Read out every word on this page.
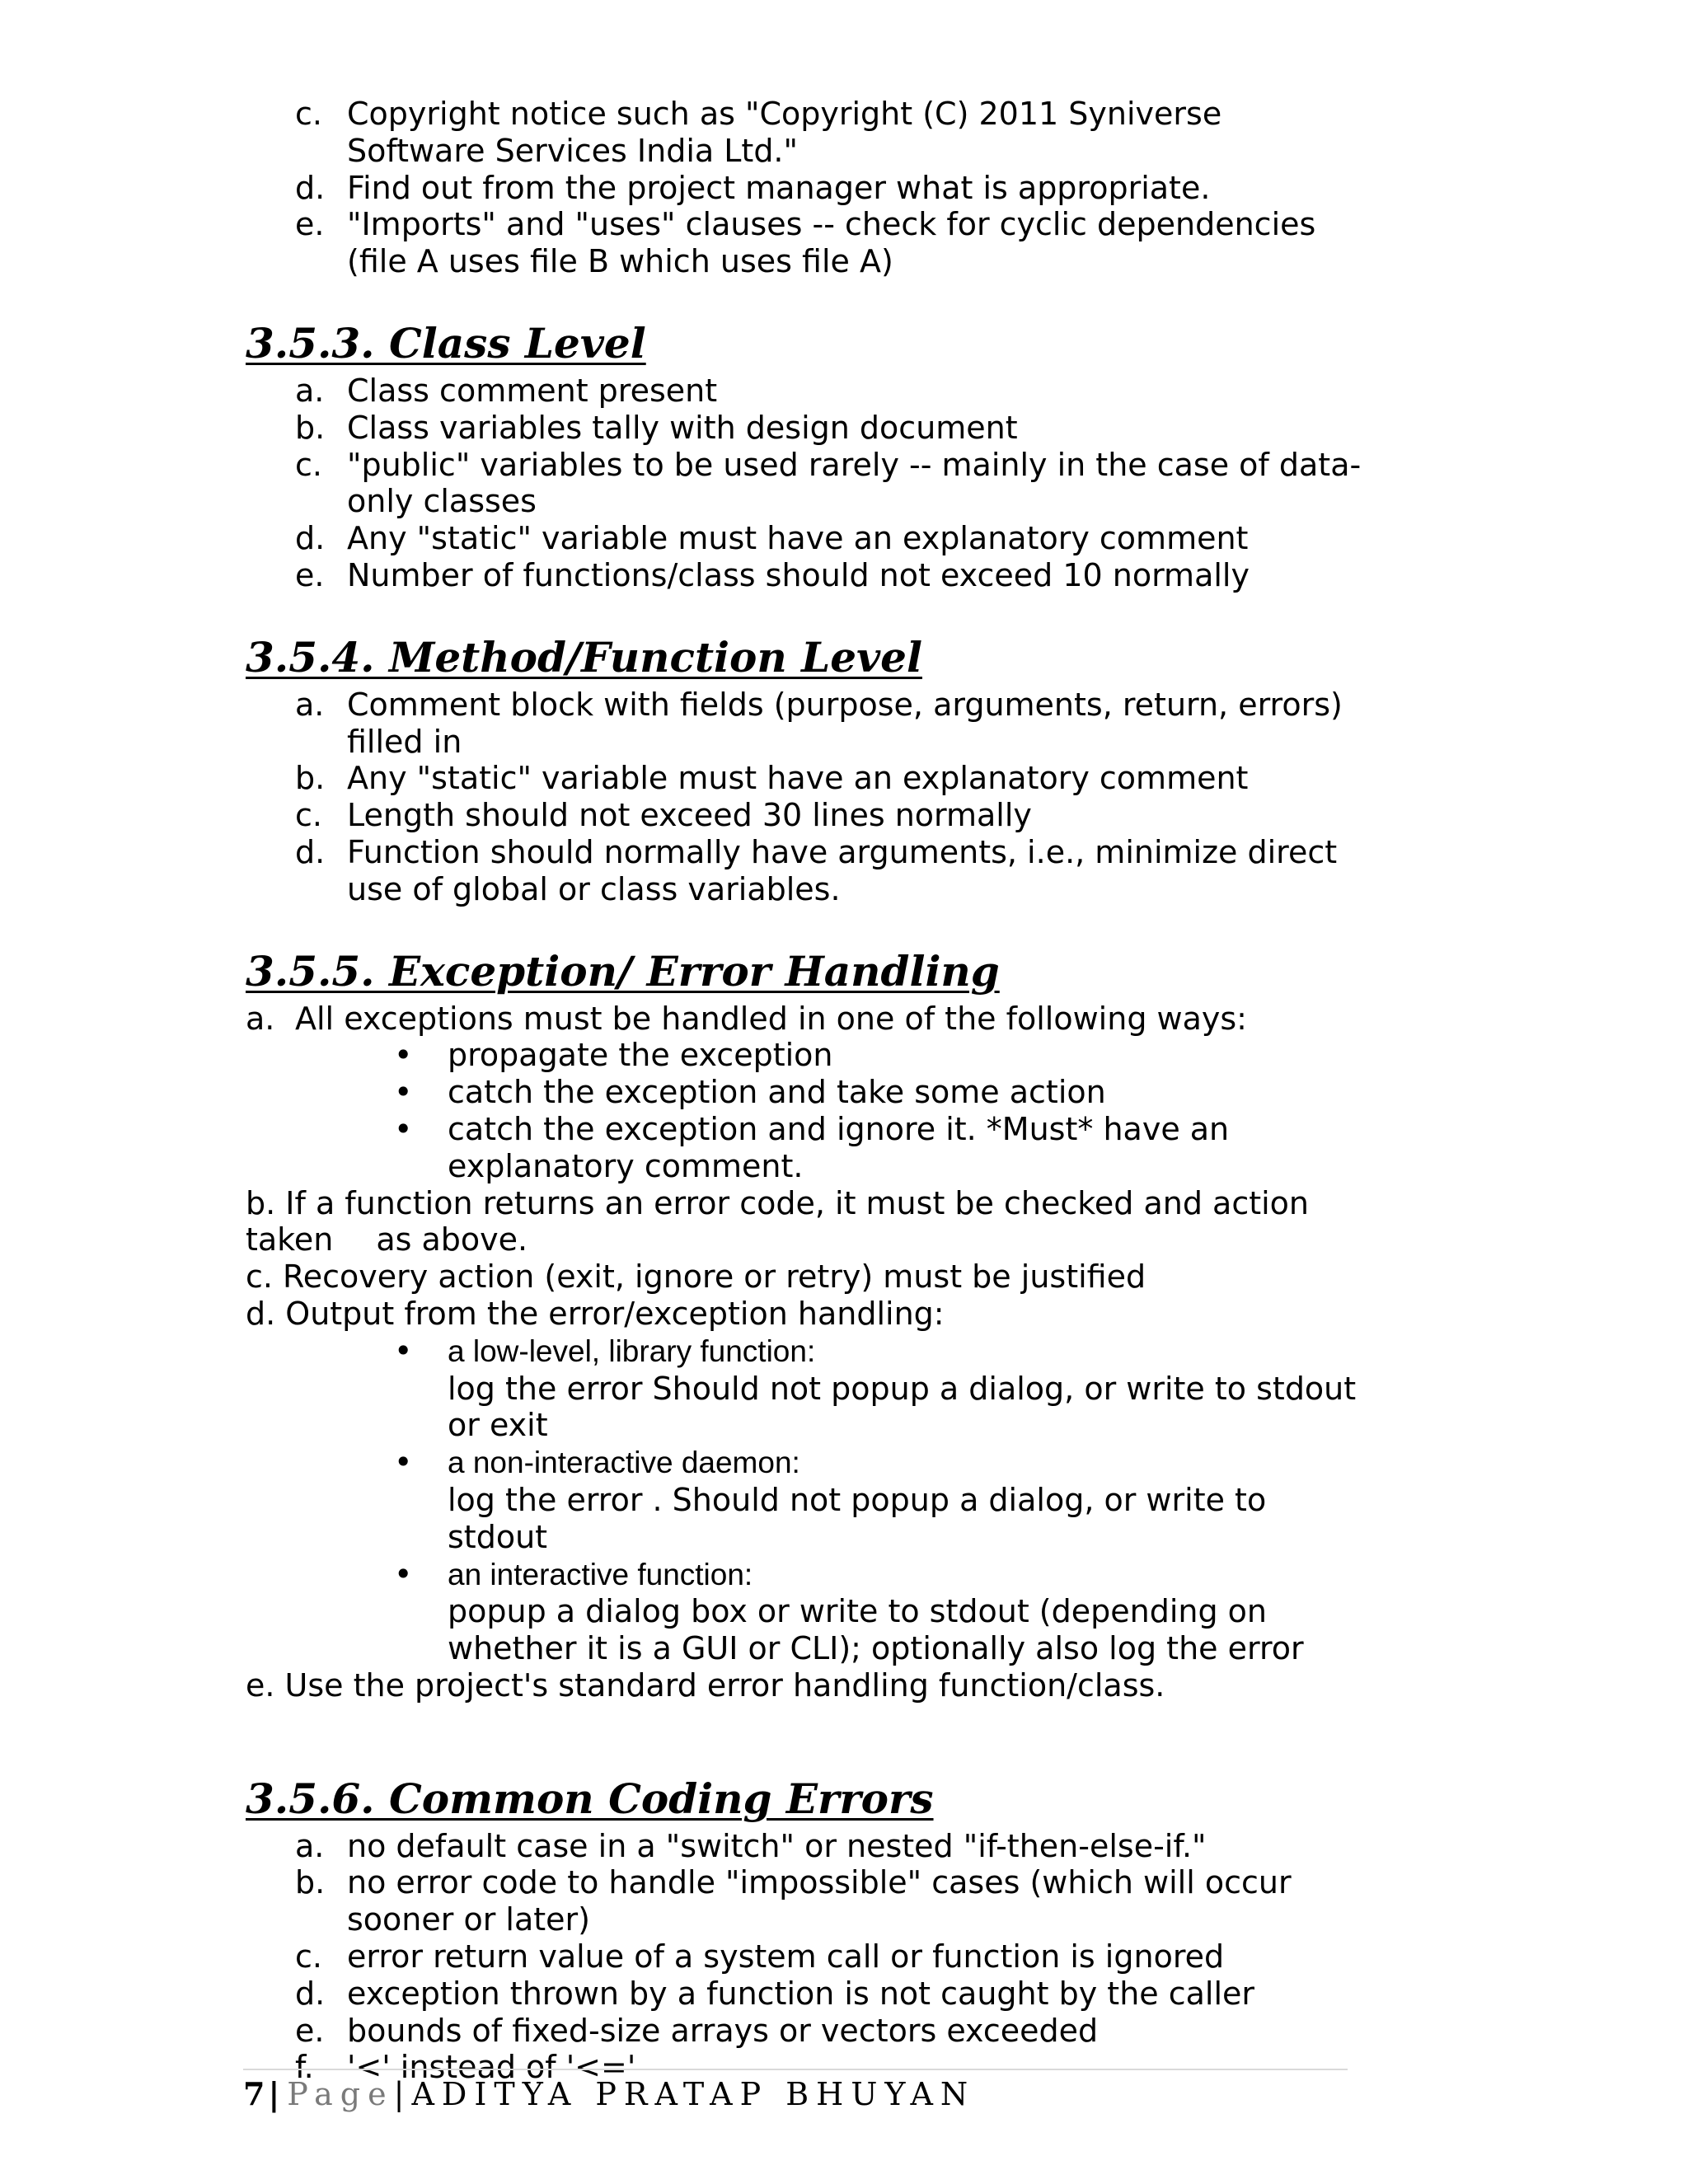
c. Copyright notice such as "Copyright (C) 2011 Syniverse Software Services India Ltd."
d. Find out from the project manager what is appropriate.
e. "Imports" and "uses" clauses -- check for cyclic dependencies (file A uses file B which uses file A)
3.5.3. Class Level
a. Class comment present
b. Class variables tally with design document
c. "public" variables to be used rarely -- mainly in the case of data-only classes
d. Any "static" variable must have an explanatory comment
e. Number of functions/class should not exceed 10 normally
3.5.4. Method/Function Level
a. Comment block with fields (purpose, arguments, return, errors) filled in
b. Any "static" variable must have an explanatory comment
c. Length should not exceed 30 lines normally
d. Function should normally have arguments, i.e., minimize direct use of global or class variables.
3.5.5. Exception/ Error Handling

a. All exceptions must be handled in one of the following ways:

• propagate the exception
• catch the exception and take some action
• catch the exception and ignore it. *Must* have an explanatory comment.

b. If a function returns an error code, it must be checked and action
taken as above.

c. Recovery action (exit, ignore or retry) must be justified

d. Output from the error/exception handling:

• a low-level, library function:
log the error Should not popup a dialog, or write to stdout or exit
• a non-interactive daemon:
log the error . Should not popup a dialog, or write to stdout
• an interactive function:
popup a dialog box or write to stdout (depending on whether it is a GUI or CLI); optionally also log the error

e. Use the project's standard error handling function/class.

3.5.6. Common Coding Errors
a. no default case in a "switch" or nested "if-then-else-if."
b. no error code to handle "impossible" cases (which will occur sooner or later)
c. error return value of a system call or function is ignored
d. exception thrown by a function is not caught by the caller
e. bounds of fixed-size arrays or vectors exceeded
f. '<' instead of '<='
7|Page|ADITYA PRATAP BHUYAN
